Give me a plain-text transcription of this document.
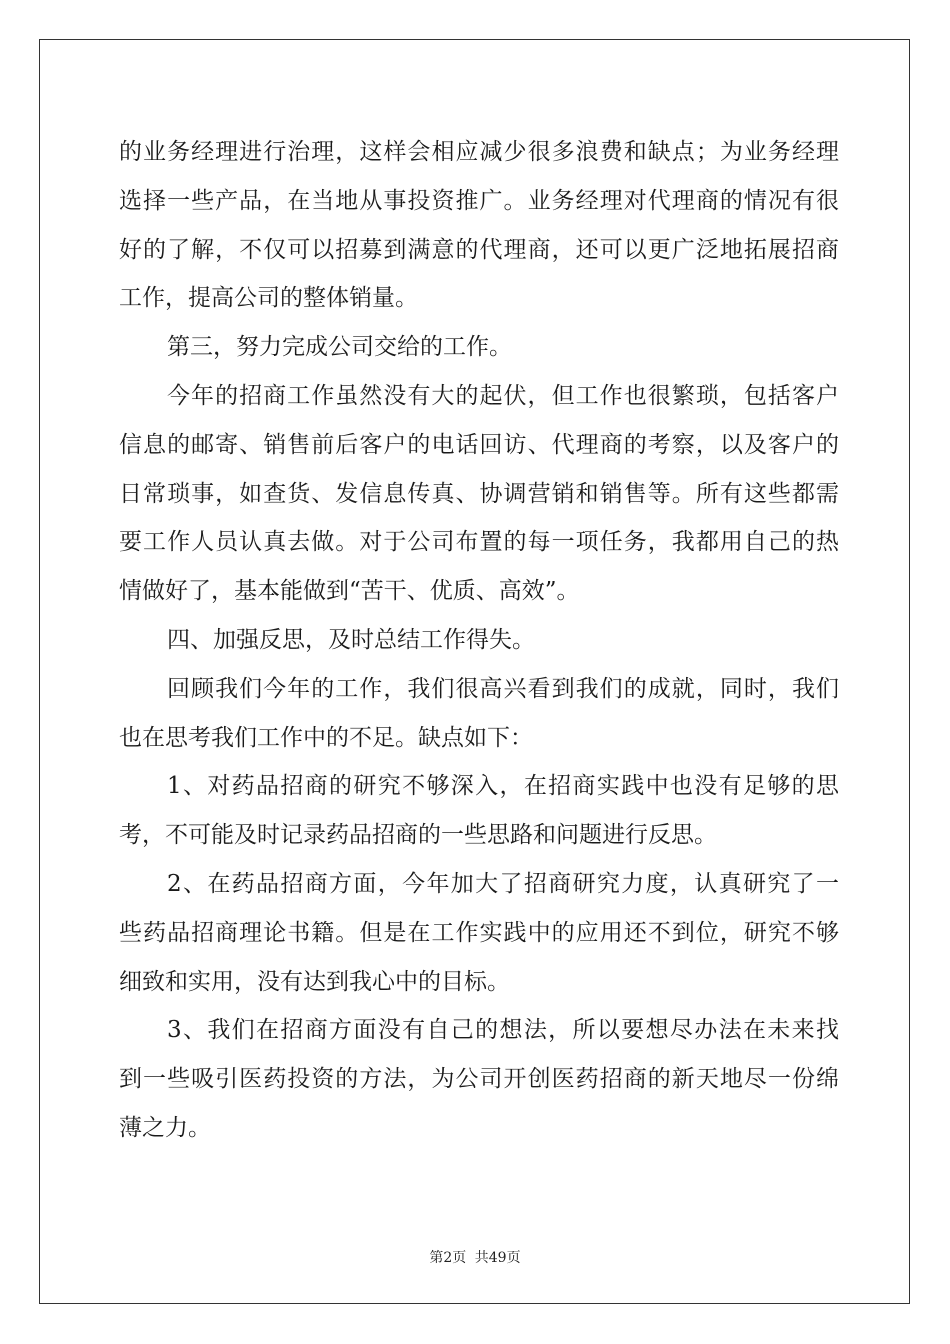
的业务经理进行治理，这样会相应减少很多浪费和缺点；为业务经理
选择一些产品，在当地从事投资推广。业务经理对代理商的情况有很
好的了解，不仅可以招募到满意的代理商，还可以更广泛地拓展招商
工作，提高公司的整体销量。
第三，努力完成公司交给的工作。
今年的招商工作虽然没有大的起伏，但工作也很繁琐，包括客户
信息的邮寄、销售前后客户的电话回访、代理商的考察，以及客户的
日常琐事，如查货、发信息传真、协调营销和销售等。所有这些都需
要工作人员认真去做。对于公司布置的每一项任务，我都用自己的热
情做好了，基本能做到“苦干、优质、高效”。
四、加强反思，及时总结工作得失。
回顾我们今年的工作，我们很高兴看到我们的成就，同时，我们
也在思考我们工作中的不足。缺点如下：
1、对药品招商的研究不够深入，在招商实践中也没有足够的思
考，不可能及时记录药品招商的一些思路和问题进行反思。
2、在药品招商方面，今年加大了招商研究力度，认真研究了一
些药品招商理论书籍。但是在工作实践中的应用还不到位，研究不够
细致和实用，没有达到我心中的目标。
3、我们在招商方面没有自己的想法，所以要想尽办法在未来找
到一些吸引医药投资的方法，为公司开创医药招商的新天地尽一份绵
薄之力。
第2页 共49页
